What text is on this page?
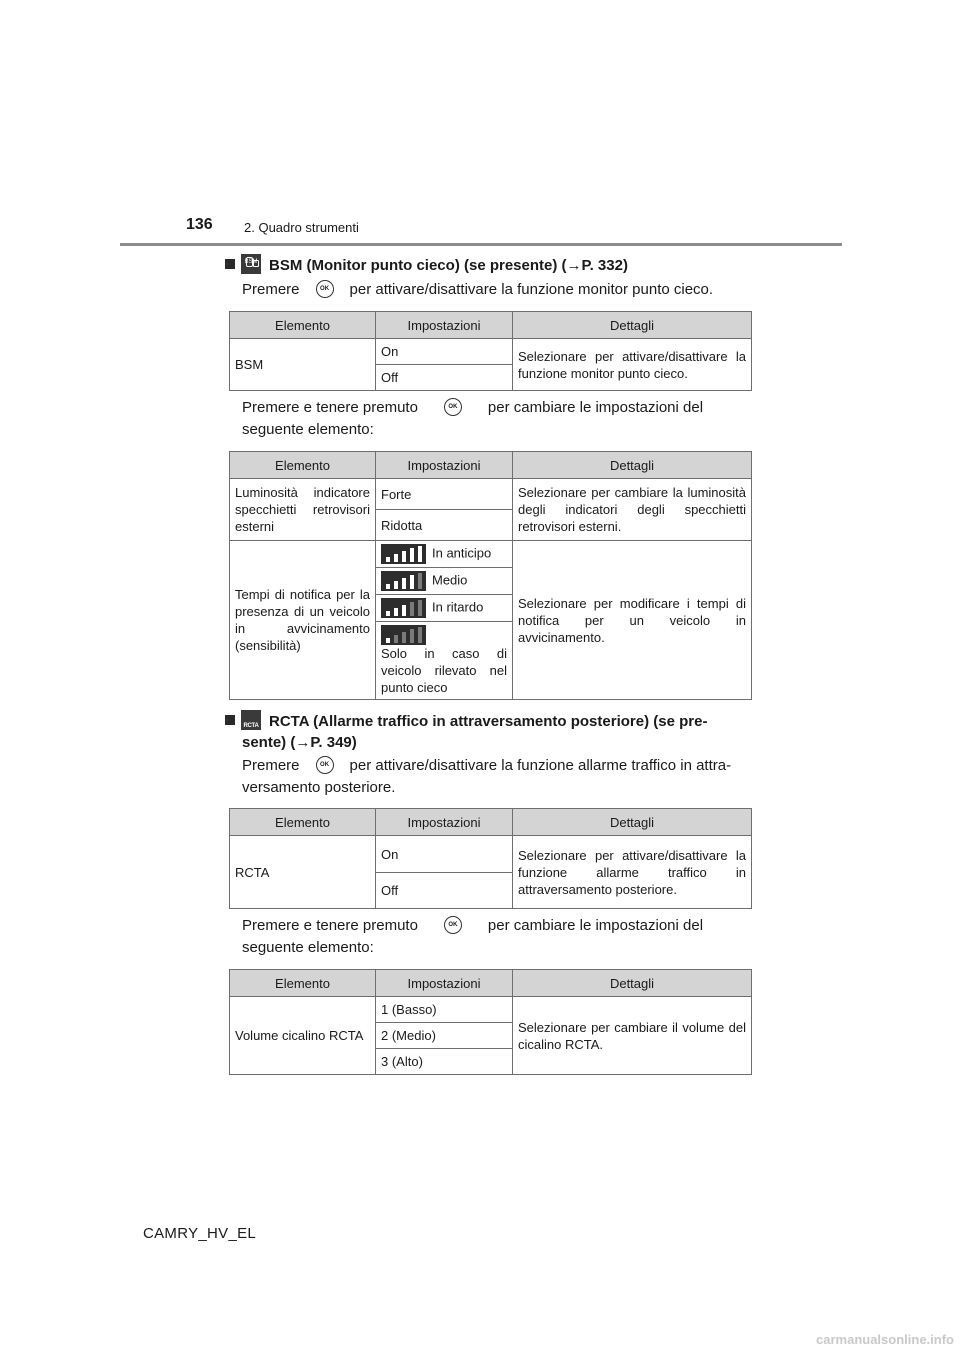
136 2. Quadro strumenti
BSM BSM (Monitor punto cieco) (se presente) (→P. 332)
Premere	OK per attivare/disattivare la funzione monitor punto cieco.
Elemento	Impostazioni	Dettagli
BSM	On	Selezionare per attivare/disattivare la funzione monitor punto cieco.
	Off	
Premere e tenere premuto	OK per cambiare le impostazioni del
seguente elemento:
Elemento	Impostazioni	Dettagli
Luminosità indicatore specchietti retrovisori esterni	Forte	Selezionare per cambiare la luminosità degli indicatori degli specchietti retrovisori esterni.
	Ridotta	
Tempi di notifica per la presenza di un veicolo in avvicinamento (sensibilità)	In anticipo	Selezionare per modificare i tempi di notifica per un veicolo in avvicinamento.

Medio	

In ritardo	

Solo in caso di veicolo rilevato nel punto cieco	
RCTA RCTA (Allarme traffico in attraversamento posteriore) (se pre-
sente) (→P. 349)
Premere	OK per attivare/disattivare la funzione allarme traffico in attra-
versamento posteriore.
Elemento	Impostazioni	Dettagli
RCTA	On	Selezionare per attivare/disattivare la funzione allarme traffico in attraversamento posteriore.
	Off	
Premere e tenere premuto	OK per cambiare le impostazioni del
seguente elemento:
Elemento	Impostazioni	Dettagli
Volume cicalino RCTA	1 (Basso)	Selezionare per cambiare il volume del cicalino RCTA.
	2 (Medio)	
	3 (Alto)	
CAMRY_HV_EL
carmanualsonline.info
